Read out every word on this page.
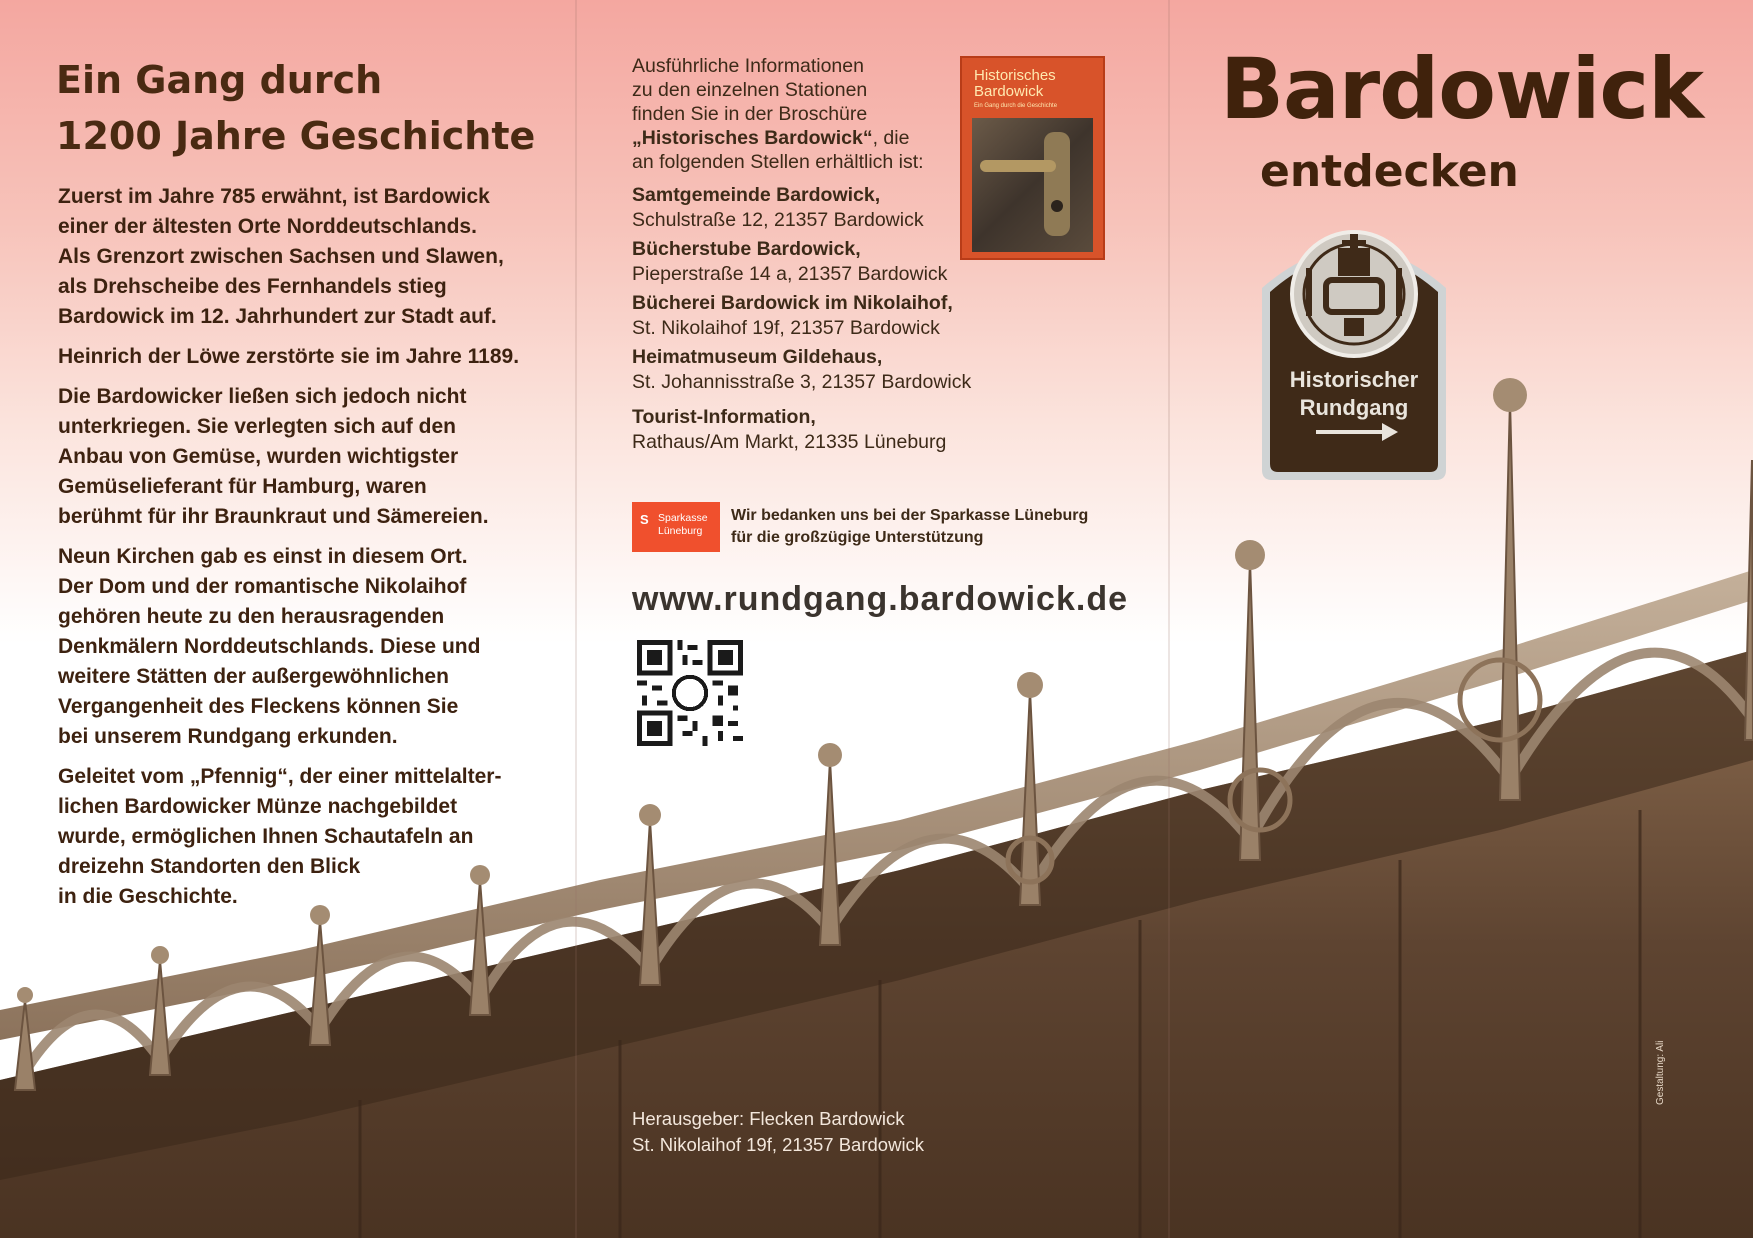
Ein Gang durch
1200 Jahre Geschichte

Zuerst im Jahre 785 erwähnt, ist Bardowick
einer der ältesten Orte Norddeutschlands.
Als Grenzort zwischen Sachsen und Slawen,
als Drehscheibe des Fernhandels stieg
Bardowick im 12. Jahrhundert zur Stadt auf.

Heinrich der Löwe zerstörte sie im Jahre 1189.

Die Bardowicker ließen sich jedoch nicht
unterkriegen. Sie verlegten sich auf den
Anbau von Gemüse, wurden wichtigster
Gemüselieferant für Hamburg, waren
berühmt für ihr Braunkraut und Sämereien.

Neun Kirchen gab es einst in diesem Ort.
Der Dom und der romantische Nikolaihof
gehören heute zu den herausragenden
Denkmälern Norddeutschlands. Diese und
weitere Stätten der außergewöhnlichen
Vergangenheit des Fleckens können Sie
bei unserem Rundgang erkunden.

Geleitet vom „Pfennig“, der einer mittelalter-
lichen Bardowicker Münze nachgebildet
wurde, ermöglichen Ihnen Schautafeln an
dreizehn Standorten den Blick
in die Geschichte.

Ausführliche Informationen
zu den einzelnen Stationen
finden Sie in der Broschüre
„Historisches Bardowick“, die
an folgenden Stellen erhältlich ist:
Historisches
Bardowick
Ein Gang durch die Geschichte
Samtgemeinde Bardowick,
Schulstraße 12, 21357 Bardowick
Bücherstube Bardowick,
Pieperstraße 14 a, 21357 Bardowick
Bücherei Bardowick im Nikolaihof,
St. Nikolaihof 19f, 21357 Bardowick
Heimatmuseum Gildehaus,
St. Johannisstraße 3, 21357 Bardowick
Tourist-Information,
Rathaus/Am Markt, 21335 Lüneburg
S Sparkasse
Lüneburg
Wir bedanken uns bei der Sparkasse Lüneburg
für die großzügige Unterstützung
www.rundgang.bardowick.de
Herausgeber: Flecken Bardowick
St. Nikolaihof 19f, 21357 Bardowick
Gestaltung: Ali
Bardowick
entdecken
Historischer
Rundgang
